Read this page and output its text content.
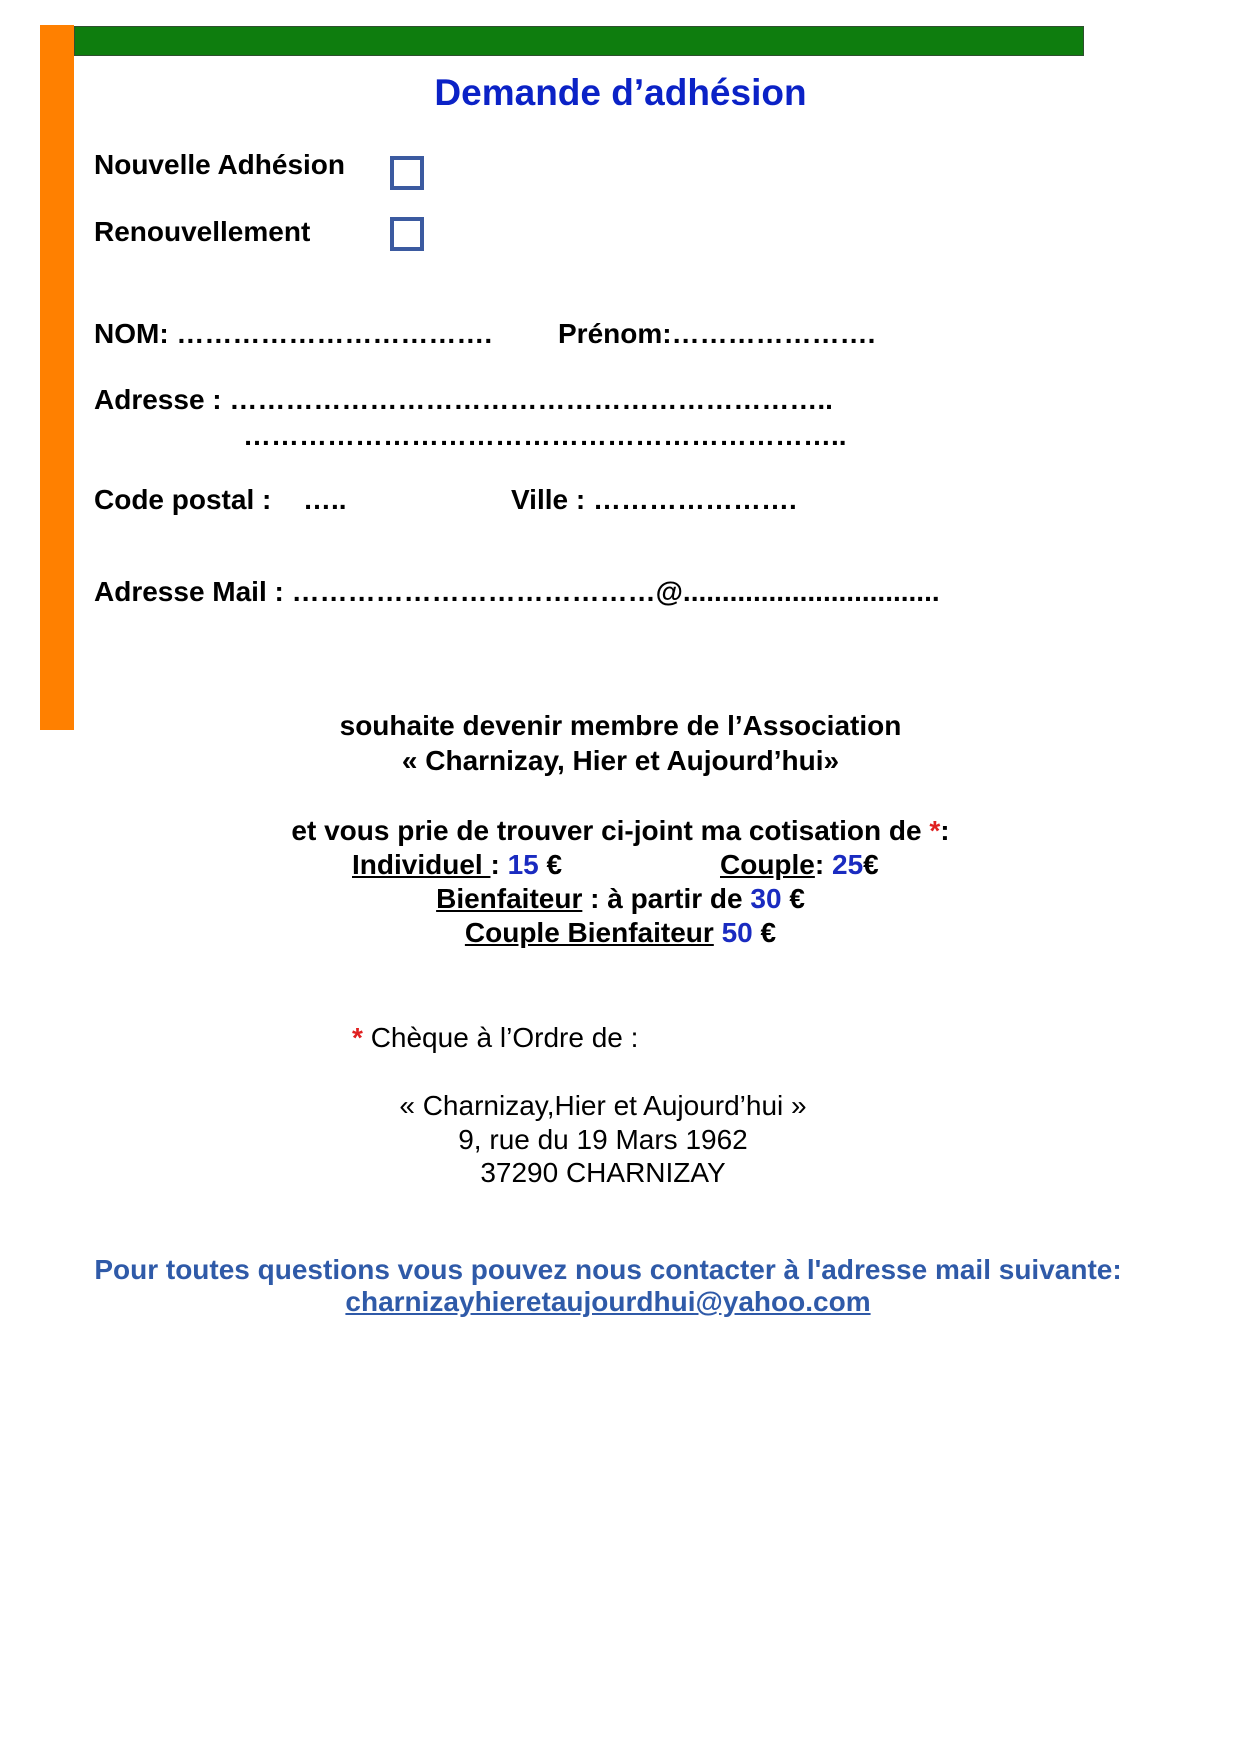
Demande d’adhésion
Nouvelle Adhésion
Renouvellement
NOM: ……………………………. Prénom:………………….
Adresse : ………………………………………………………..
………………………………………………………..
Code postal : …..	Ville : ………………….
Adresse Mail : …………………………………@.................................
souhaite devenir membre de l’Association
« Charnizay, Hier et Aujourd’hui»
et vous prie de trouver ci-joint ma cotisation de *:
Individuel : 15 €	Couple: 25€
Bienfaiteur : à partir de 30 €
Couple Bienfaiteur 50 €
* Chèque à l’Ordre de :
« Charnizay,Hier et Aujourd’hui »
9, rue du 19 Mars 1962
37290 CHARNIZAY
Pour toutes questions vous pouvez nous contacter à l'adresse mail suivante:
charnizayhieretaujourdhui@yahoo.com
